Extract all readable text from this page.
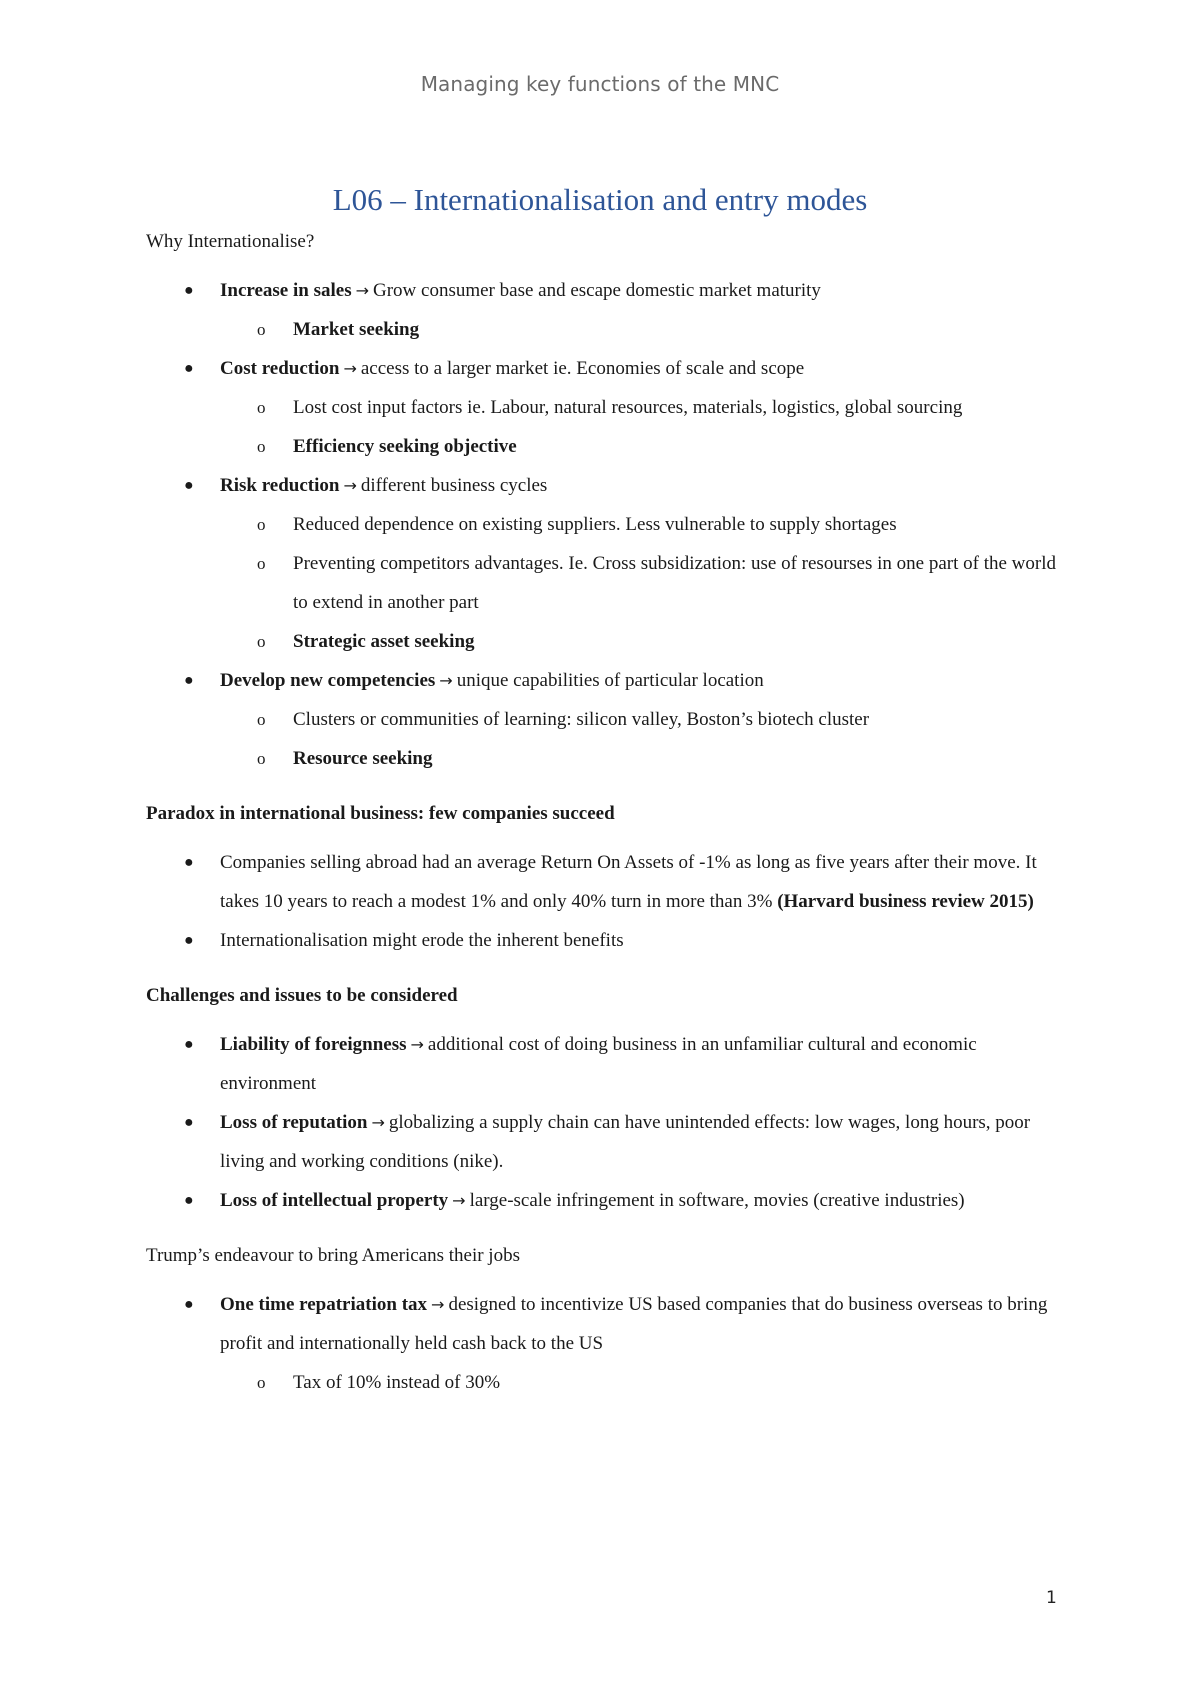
Managing key functions of the MNC
L06 – Internationalisation and entry modes

Why Internationalise?

● Increase in sales → Grow consumer base and escape domestic market maturity
o Market seeking
● Cost reduction → access to a larger market ie. Economies of scale and scope
o Lost cost input factors ie. Labour, natural resources, materials, logistics, global sourcing
o Efficiency seeking objective
● Risk reduction → different business cycles
o Reduced dependence on existing suppliers. Less vulnerable to supply shortages
o Preventing competitors advantages. Ie. Cross subsidization: use of resourses in one part of the world to extend in another part
o Strategic asset seeking
● Develop new competencies → unique capabilities of particular location
o Clusters or communities of learning: silicon valley, Boston’s biotech cluster
o Resource seeking

Paradox in international business: few companies succeed

● Companies selling abroad had an average Return On Assets of -1% as long as five years after their move. It takes 10 years to reach a modest 1% and only 40% turn in more than 3% (Harvard business review 2015)
● Internationalisation might erode the inherent benefits

Challenges and issues to be considered

● Liability of foreignness → additional cost of doing business in an unfamiliar cultural and economic environment
● Loss of reputation → globalizing a supply chain can have unintended effects: low wages, long hours, poor living and working conditions (nike).
● Loss of intellectual property → large-scale infringement in software, movies (creative industries)

Trump’s endeavour to bring Americans their jobs

● One time repatriation tax → designed to incentivize US based companies that do business overseas to bring profit and internationally held cash back to the US
o Tax of 10% instead of 30%
1
